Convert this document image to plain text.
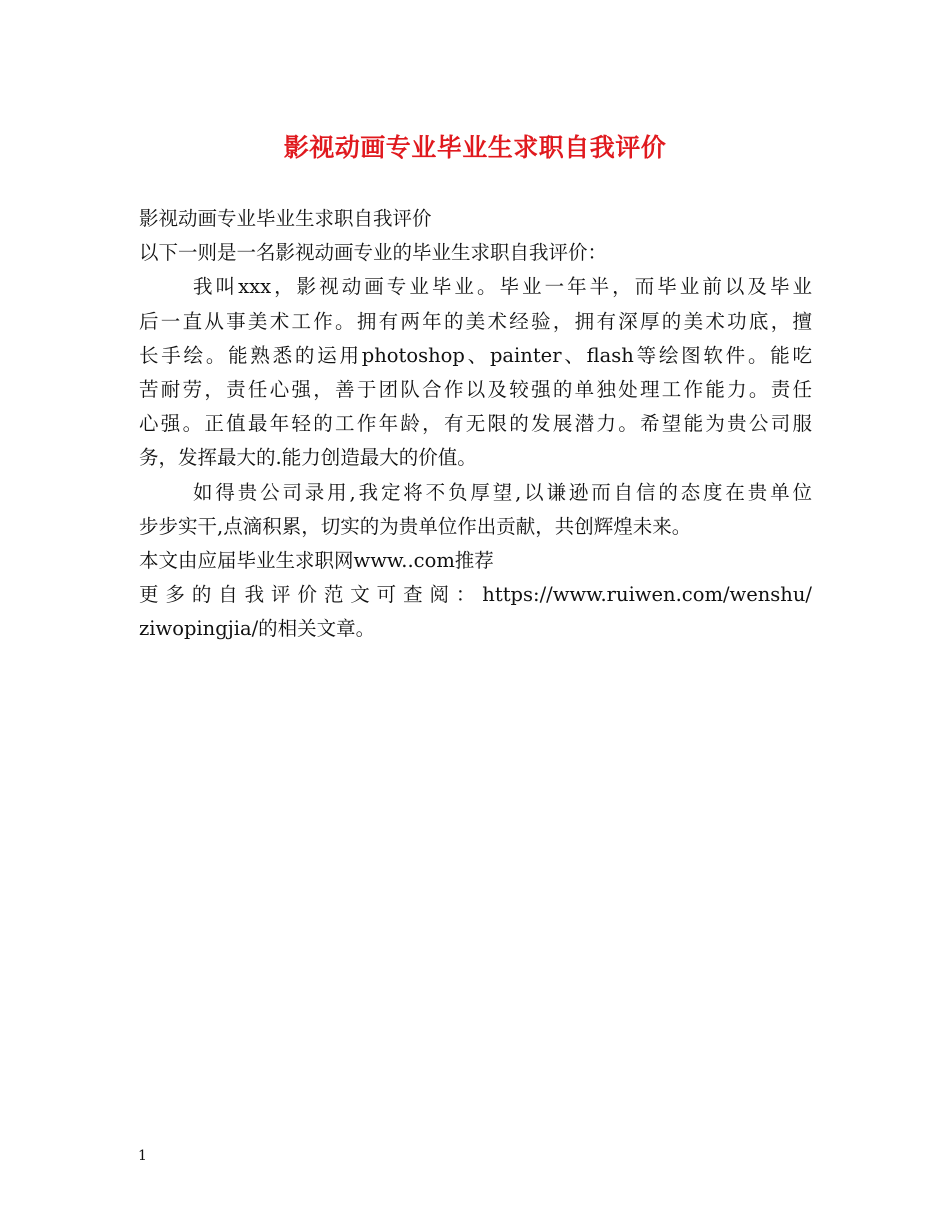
影视动画专业毕业生求职自我评价
影视动画专业毕业生求职自我评价
以下一则是一名影视动画专业的毕业生求职自我评价：
我叫xxx，影视动画专业毕业。毕业一年半，而毕业前以及毕业
后一直从事美术工作。拥有两年的美术经验，拥有深厚的美术功底，擅
长手绘。能熟悉的运用photoshop、painter、flash等绘图软件。能吃
苦耐劳，责任心强，善于团队合作以及较强的单独处理工作能力。责任
心强。正值最年轻的工作年龄，有无限的发展潜力。希望能为贵公司服
务，发挥最大的.能力创造最大的价值。
如得贵公司录用,我定将不负厚望,以谦逊而自信的态度在贵单位
步步实干,点滴积累，切实的为贵单位作出贡献，共创辉煌未来。
本文由应届毕业生求职网www..com推荐
更多的自我评价范文可查阅：https://www.ruiwen.com/wenshu/
ziwopingjia/的相关文章。
1
